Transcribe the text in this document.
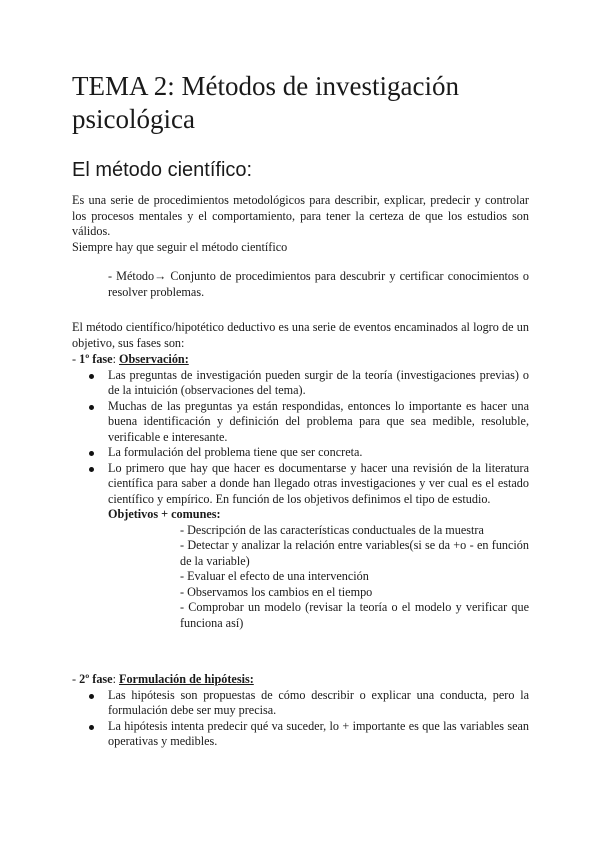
TEMA 2: Métodos de investigación psicológica
El método científico:
Es una serie de procedimientos metodológicos para describir, explicar, predecir y controlar los procesos mentales y el comportamiento, para tener la certeza de que los estudios son válidos.
Siempre hay que seguir el método científico
- Método→ Conjunto de procedimientos para descubrir y certificar conocimientos o resolver problemas.
El método científico/hipotético deductivo es una serie de eventos encaminados al logro de un objetivo, sus fases son:
- 1º fase: Observación:
Las preguntas de investigación pueden surgir de la teoría (investigaciones previas) o de la intuición (observaciones del tema).
Muchas de las preguntas ya están respondidas, entonces lo importante es hacer una buena identificación y definición del problema para que sea medible, resoluble, verificable e interesante.
La formulación del problema tiene que ser concreta.
Lo primero que hay que hacer es documentarse y hacer una revisión de la literatura científica para saber a donde han llegado otras investigaciones y ver cual es el estado científico y empírico. En función de los objetivos definimos el tipo de estudio.
Objetivos + comunes:
- Descripción de las características conductuales de la muestra
- Detectar y analizar la relación entre variables(si se da +o - en función de la variable)
- Evaluar el efecto de una intervención
- Observamos los cambios en el tiempo
- Comprobar un modelo (revisar la teoría o el modelo y verificar que funciona así)
- 2º fase: Formulación de hipótesis:
Las hipótesis son propuestas de cómo describir o explicar una conducta, pero la formulación debe ser muy precisa.
La hipótesis intenta predecir qué va suceder, lo + importante es que las variables sean operativas y medibles.
